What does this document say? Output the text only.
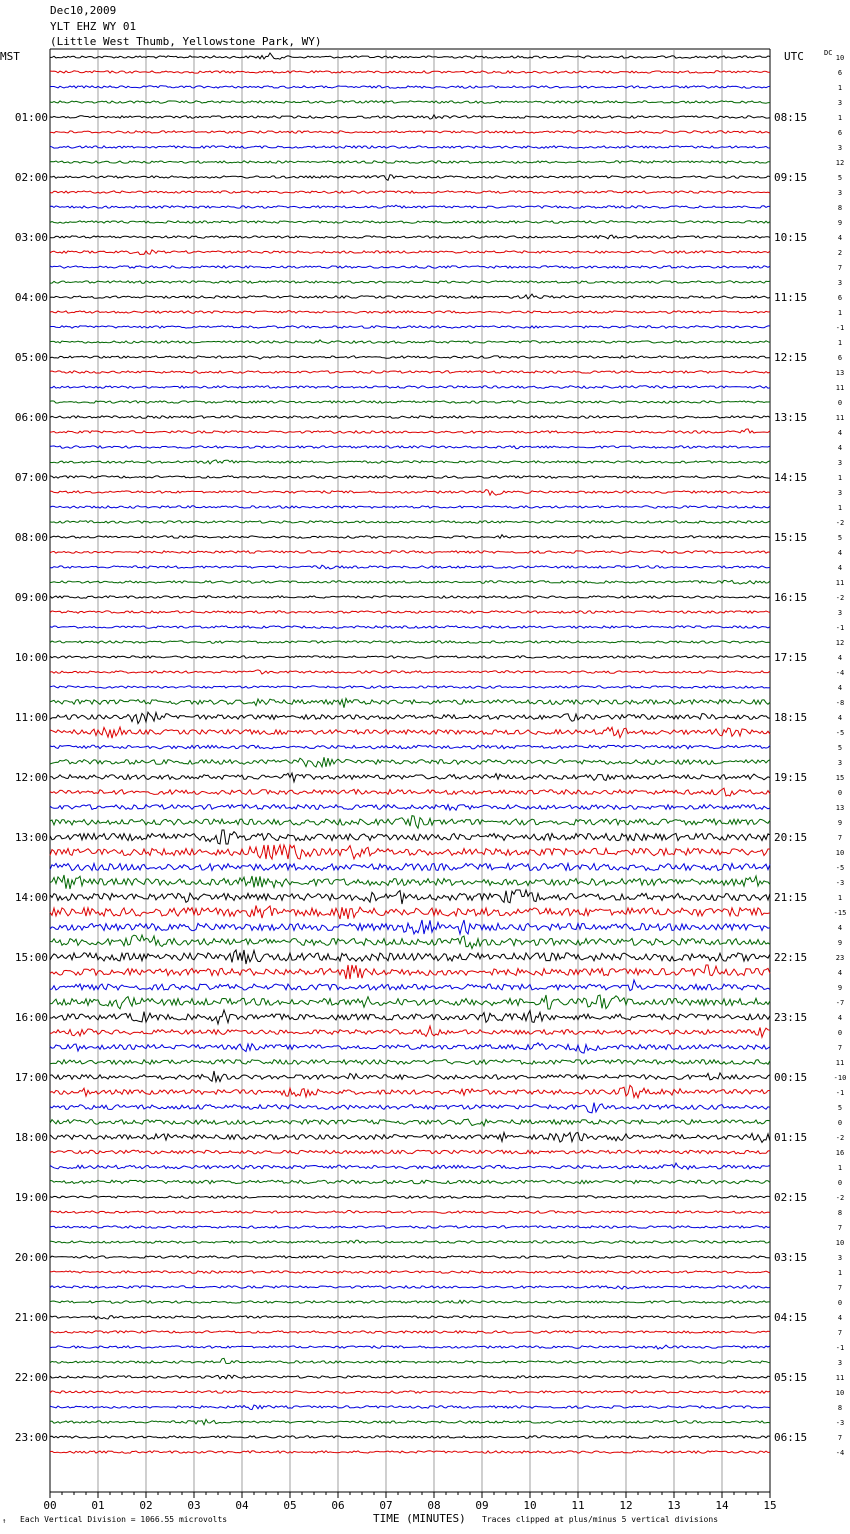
Dec10,2009
YLT EHZ WY 01
(Little West Thumb, Yellowstone Park, WY)
MST	UTC	DC
00	01	02	03	04	05	06	07	08	09	10	11	12	13	14	15
10
6
1
3
1
6
3
12
5
3
8
9
4
2
7
3
6
1
-1
1
6
13
11
0
11
4
4
3
1
3
1
-2
5
4
4
11
-2
3
-1
12
4
-4
4
-8
4
-5
5
3
15
0
13
9
7
10
-5
-3
1
-15
4
9
23
4
9
-7
4
0
7
11
-10
-1
5
0
-2
16
1
0
-2
8
7
10
3
1
7
0
4
7
-1
3
11
10
8
-3
7
-4
01:00	08:15
02:00	09:15
03:00	10:15
04:00	11:15
05:00	12:15
06:00	13:15
07:00	14:15
08:00	15:15
09:00	16:15
10:00	17:15
11:00	18:15
12:00	19:15
13:00	20:15
14:00	21:15
15:00	22:15
16:00	23:15
17:00	00:15
18:00	01:15
19:00	02:15
20:00	03:15
21:00	04:15
22:00	05:15
23:00	06:15
Each Vertical Division = 1066.55 microvolts	TIME (MINUTES) Traces clipped at plus/minus 5 vertical divisions
↑
